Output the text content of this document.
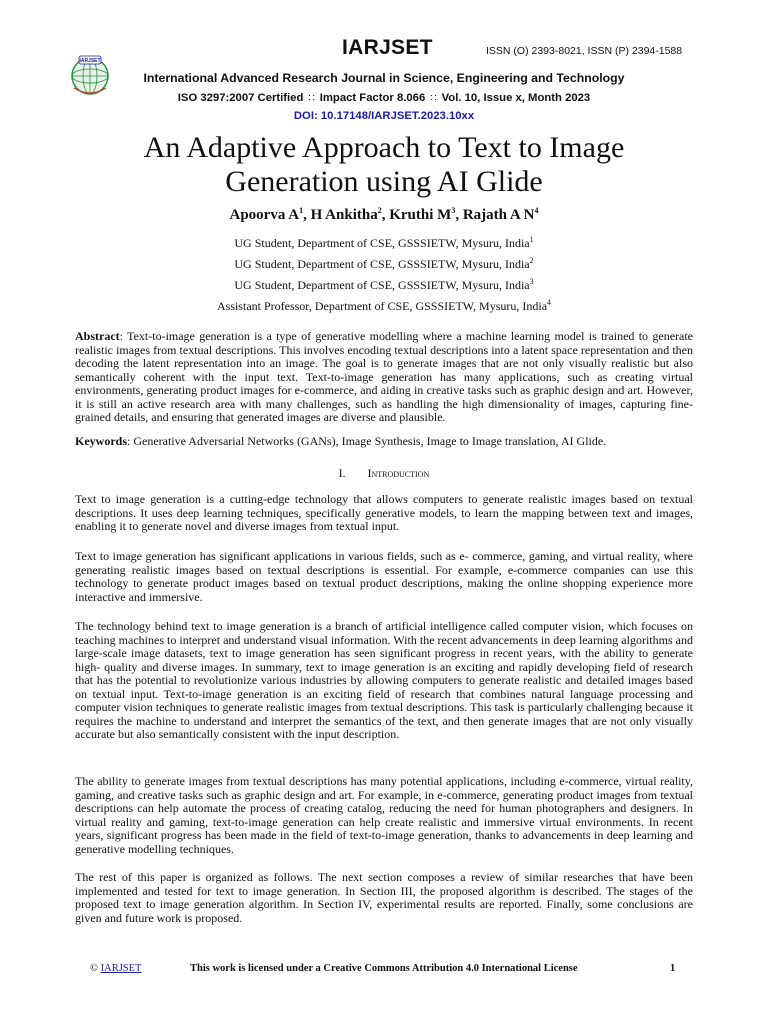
IARJSET
IARJSET	ISSN (O) 2393-8021, ISSN (P) 2394-1588
International Advanced Research Journal in Science, Engineering and Technology
ISO 3297:2007 Certified ∷ Impact Factor 8.066 ∷ Vol. 10, Issue x, Month 2023
DOI: 10.17148/IARJSET.2023.10xx
An Adaptive Approach to Text to Image
Generation using AI Glide
Apoorva $A^1$, H Ankitha$^2$, Kruthi $M^3$, Rajath A $N^4$
UG Student, Department of CSE, GSSSIETW, Mysuru, India$^1$
UG Student, Department of CSE, GSSSIETW, Mysuru, India$^2$
UG Student, Department of CSE, GSSSIETW, Mysuru, India$^3$
Assistant Professor, Department of CSE, GSSSIETW, Mysuru, India$^4$
Abstract: Text-to-image generation is a type of generative modelling where a machine learning model is trained to generate realistic images from textual descriptions. This involves encoding textual descriptions into a latent space representation and then decoding the latent representation into an image. The goal is to generate images that are not only visually realistic but also semantically coherent with the input text. Text-to-image generation has many applications, such as creating virtual environments, generating product images for e-commerce, and aiding in creative tasks such as graphic design and art. However, it is still an active research area with many challenges, such as handling the high dimensionality of images, capturing fine-grained details, and ensuring that generated images are diverse and plausible.
Keywords: Generative Adversarial Networks (GANs), Image Synthesis, Image to Image translation, AI Glide.
I. Introduction
Text to image generation is a cutting-edge technology that allows computers to generate realistic images based on textual descriptions. It uses deep learning techniques, specifically generative models, to learn the mapping between text and images, enabling it to generate novel and diverse images from textual input.
Text to image generation has significant applications in various fields, such as e- commerce, gaming, and virtual reality, where generating realistic images based on textual descriptions is essential. For example, e-commerce companies can use this technology to generate product images based on textual product descriptions, making the online shopping experience more interactive and immersive.
The technology behind text to image generation is a branch of artificial intelligence called computer vision, which focuses on teaching machines to interpret and understand visual information. With the recent advancements in deep learning algorithms and large-scale image datasets, text to image generation has seen significant progress in recent years, with the ability to generate high- quality and diverse images. In summary, text to image generation is an exciting and rapidly developing field of research that has the potential to revolutionize various industries by allowing computers to generate realistic and detailed images based on textual input. Text-to-image generation is an exciting field of research that combines natural language processing and computer vision techniques to generate realistic images from textual descriptions. This task is particularly challenging because it requires the machine to understand and interpret the semantics of the text, and then generate images that are not only visually accurate but also semantically consistent with the input description.
The ability to generate images from textual descriptions has many potential applications, including e-commerce, virtual reality, gaming, and creative tasks such as graphic design and art. For example, in e-commerce, generating product images from textual descriptions can help automate the process of creating catalog, reducing the need for human photographers and designers. In virtual reality and gaming, text-to-image generation can help create realistic and immersive virtual environments. In recent years, significant progress has been made in the field of text-to-image generation, thanks to advancements in deep learning and generative modelling techniques.
The rest of this paper is organized as follows. The next section composes a review of similar researches that have been implemented and tested for text to image generation. In Section III, the proposed algorithm is described. The stages of the proposed text to image generation algorithm. In Section IV, experimental results are reported. Finally, some conclusions are given and future work is proposed.
© IARJSET	This work is licensed under a Creative Commons Attribution 4.0 International License	1
